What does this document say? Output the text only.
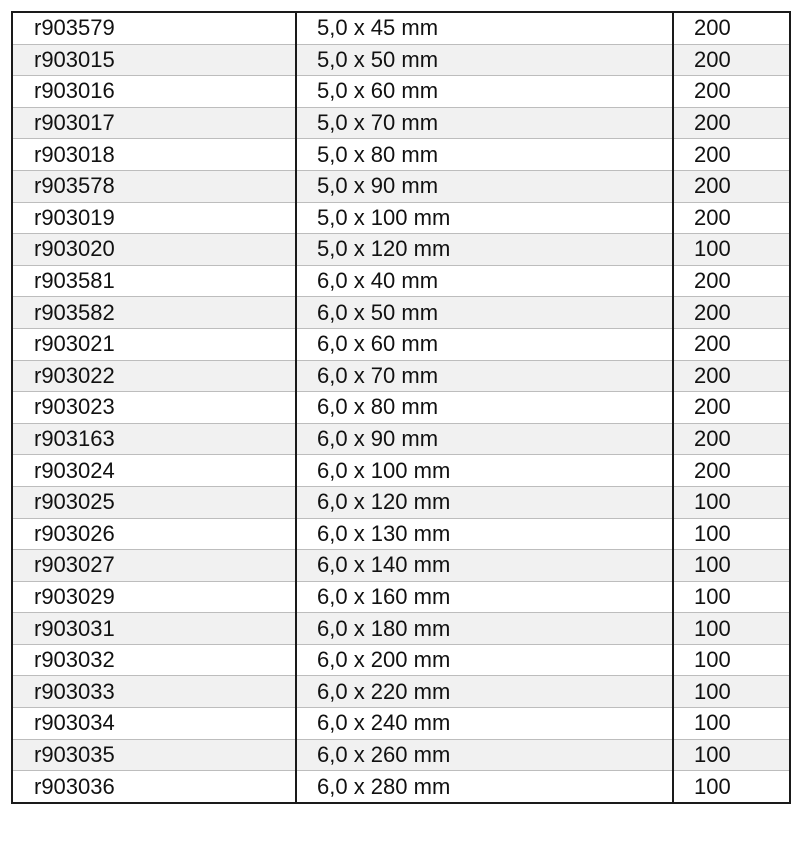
r903579	5,0 x 45 mm	200
r903015	5,0 x 50 mm	200
r903016	5,0 x 60 mm	200
r903017	5,0 x 70 mm	200
r903018	5,0 x 80 mm	200
r903578	5,0 x 90 mm	200
r903019	5,0 x 100 mm	200
r903020	5,0 x 120 mm	100
r903581	6,0 x 40 mm	200
r903582	6,0 x 50 mm	200
r903021	6,0 x 60 mm	200
r903022	6,0 x 70 mm	200
r903023	6,0 x 80 mm	200
r903163	6,0 x 90 mm	200
r903024	6,0 x 100 mm	200
r903025	6,0 x 120 mm	100
r903026	6,0 x 130 mm	100
r903027	6,0 x 140 mm	100
r903029	6,0 x 160 mm	100
r903031	6,0 x 180 mm	100
r903032	6,0 x 200 mm	100
r903033	6,0 x 220 mm	100
r903034	6,0 x 240 mm	100
r903035	6,0 x 260 mm	100
r903036	6,0 x 280 mm	100
